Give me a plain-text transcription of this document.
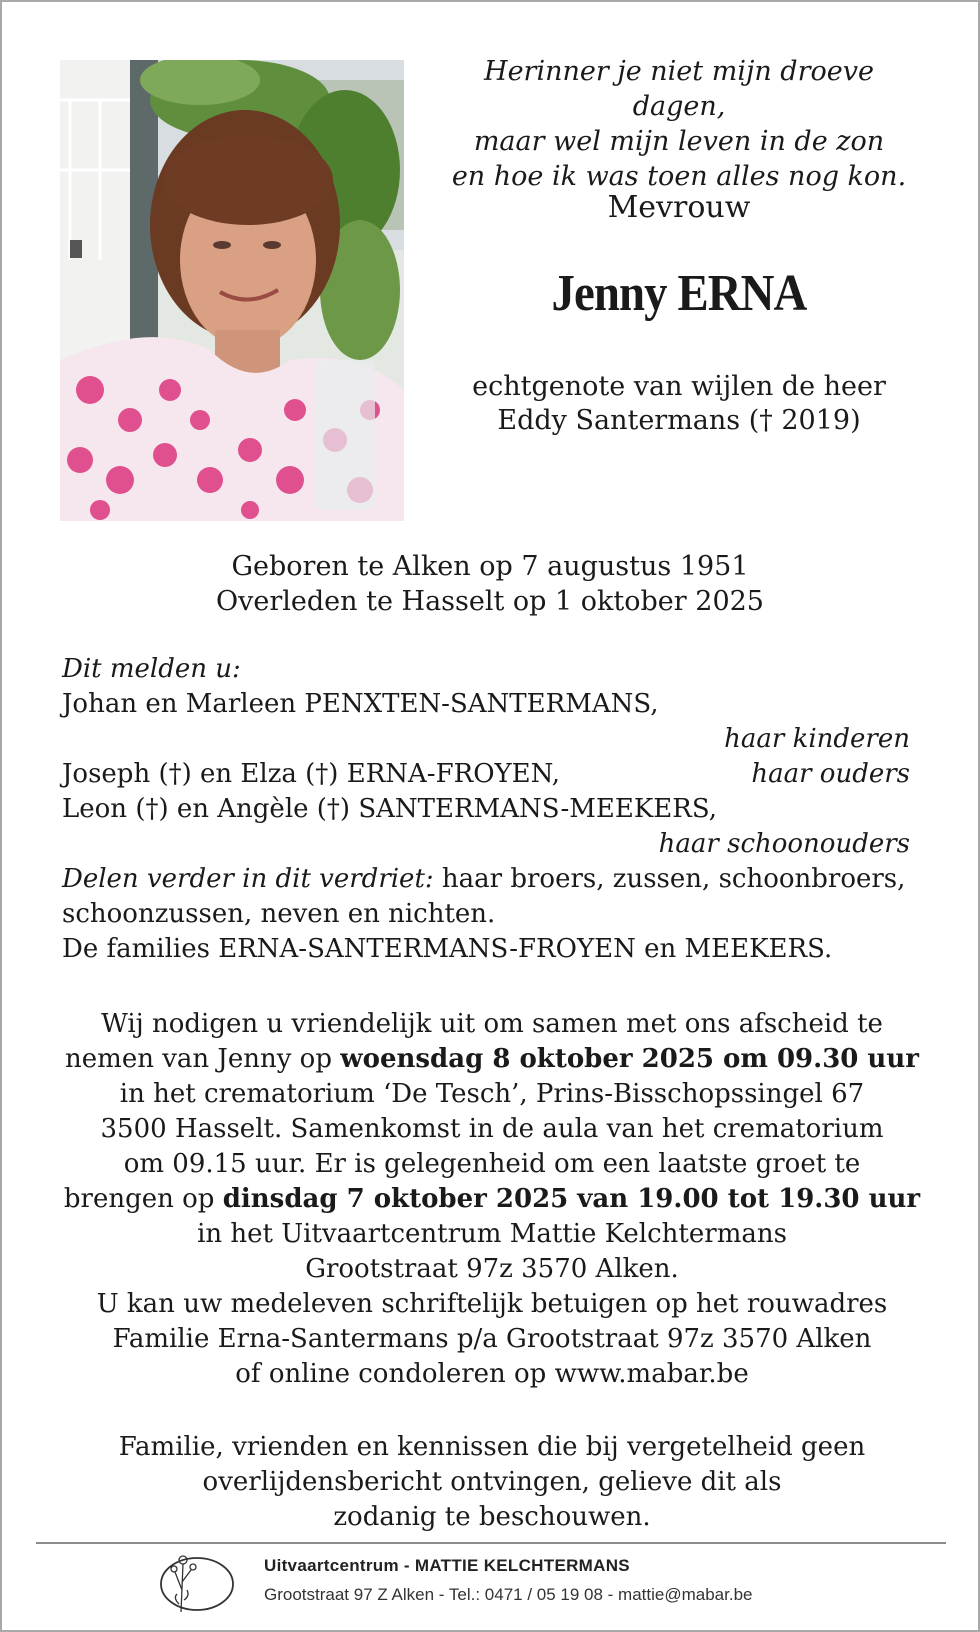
Herinner je niet mijn droeve dagen,
maar wel mijn leven in de zon
en hoe ik was toen alles nog kon.
Mevrouw
Jenny ERNA
echtgenote van wijlen de heer
Eddy Santermans († 2019)
Geboren te Alken op 7 augustus 1951
Overleden te Hasselt op 1 oktober 2025
Dit melden u:
Johan en Marleen PENXTEN-SANTERMANS,
haar kinderen
Joseph (†) en Elza (†) ERNA-FROYEN,	haar ouders
Leon (†) en Angèle (†) SANTERMANS-MEEKERS,
haar schoonouders
Delen verder in dit verdriet: haar broers, zussen, schoonbroers,
schoonzussen, neven en nichten.
De families ERNA-SANTERMANS-FROYEN en MEEKERS.
Wij nodigen u vriendelijk uit om samen met ons afscheid te
nemen van Jenny op woensdag 8 oktober 2025 om 09.30 uur
in het crematorium ‘De Tesch’, Prins-Bisschopssingel 67
3500 Hasselt. Samenkomst in de aula van het crematorium
om 09.15 uur. Er is gelegenheid om een laatste groet te
brengen op dinsdag 7 oktober 2025 van 19.00 tot 19.30 uur
in het Uitvaartcentrum Mattie Kelchtermans
Grootstraat 97z 3570 Alken.
U kan uw medeleven schriftelijk betuigen op het rouwadres
Familie Erna-Santermans p/a Grootstraat 97z 3570 Alken
of online condoleren op www.mabar.be
Familie, vrienden en kennissen die bij vergetelheid geen
overlijdensbericht ontvingen, gelieve dit als
zodanig te beschouwen.
Uitvaartcentrum - MATTIE KELCHTERMANS
Grootstraat 97 Z Alken - Tel.: 0471 / 05 19 08 - mattie@mabar.be
